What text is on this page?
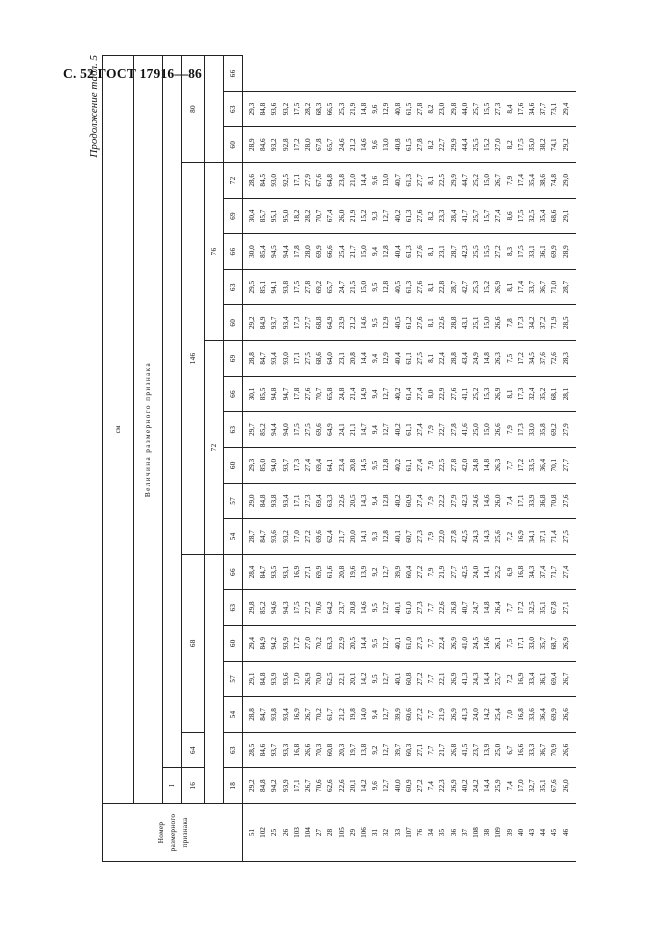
С. 52 ГОСТ 17916—86
Продолжение табл. 5
Номер размерного признака	см																				
	Величина размерного признака																				
	I																				
	16	64	68					146											80		
								72						76							
	18	63	54	57	60	63	66	54	57	60	63	66	69	60	63	66	69	72	60	63	66
51	29,2	28,5	28,8	29,1	29,4	29,8	28,4	28,7	29,0	29,3	29,7	30,1	28,8	29,2	29,5	30,0	30,4	28,6	28,9	29,3	
102	84,8	84,6	84,7	84,8	84,9	85,2	84,7	84,7	84,8	85,0	85,2	85,5	84,7	84,9	85,1	85,4	85,7	84,5	84,6	84,8	
25	94,2	93,7	93,8	93,9	94,2	94,6	93,5	93,6	93,8	94,0	94,4	94,8	93,4	93,7	94,1	94,5	95,1	93,0	93,2	93,6	
26	93,9	93,3	93,4	93,6	93,9	94,3	93,1	93,2	93,4	93,7	94,0	94,7	93,0	93,4	93,8	94,4	95,0	92,5	92,8	93,2	
103	17,1	16,8	16,9	17,0	17,2	17,5	16,9	17,0	17,1	17,3	17,5	17,8	17,1	17,3	17,5	17,8	18,2	17,1	17,2	17,5	
104	26,7	26,6	26,7	26,9	27,0	27,2	27,1	27,2	27,3	27,4	27,5	27,6	27,5	27,7	27,8	28,0	28,2	27,9	28,0	28,2	
27	70,6	70,3	70,2	70,0	70,2	70,6	69,9	69,6	69,4	69,4	69,6	70,7	68,6	68,8	69,2	69,9	70,7	67,6	67,8	68,3	
28	62,6	60,8	61,7	62,5	63,3	64,2	61,6	62,4	63,3	64,1	64,9	65,8	64,0	64,9	65,7	66,6	67,4	64,8	65,7	66,5	
105	22,6	20,3	21,2	22,1	22,9	23,7	20,8	21,7	22,6	23,4	24,1	24,8	23,1	23,9	24,7	25,4	26,0	23,8	24,6	25,3	
29	20,1	19,7	19,8	20,1	20,5	20,8	19,6	20,0	20,5	20,8	21,1	21,4	20,8	21,2	21,5	21,7	21,9	21,0	21,2	21,9	
106	14,2	13,8	14,0	14,2	14,4	14,6	13,9	14,1	14,3	14,5	14,7	14,9	14,4	14,6	15,0	15,0	15,2	14,4	14,6	14,8	
31	9,6	9,2	9,4	9,5	9,5	9,5	9,2	9,3	9,4	9,5	9,4	9,4	9,4	9,5	9,5	9,4	9,3	9,6	9,6	9,6	
32	12,7	12,7	12,7	12,7	12,7	12,7	12,7	12,8	12,8	12,8	12,7	12,7	12,9	12,9	12,8	12,8	12,7	13,0	13,0	12,9	
33	40,0	39,7	39,9	40,1	40,1	40,1	39,9	40,1	40,2	40,2	40,2	40,2	40,4	40,5	40,5	40,4	40,2	40,7	40,8	40,8	
107	60,9	60,3	60,6	60,8	61,0	61,0	60,4	60,7	60,9	61,1	61,1	61,4	61,1	61,2	61,3	61,3	61,3	61,3	61,5	61,5	
76	27,2	27,1	27,2	27,2	27,3	27,3	27,2	27,3	27,4	27,4	27,4	27,4	27,5	27,6	27,6	27,6	27,6	27,7	27,8	27,8	
34	7,4	7,7	7,7	7,7	7,7	7,7	7,9	7,9	7,9	7,9	7,9	8,0	8,1	8,1	8,1	8,1	8,2	8,1	8,2	8,2	
35	22,3	21,7	21,9	22,1	22,4	22,6	21,9	22,0	22,2	22,5	22,7	22,9	22,4	22,6	22,8	23,1	23,3	22,5	22,7	23,0	
36	26,9	26,8	26,9	26,9	26,9	26,8	27,7	27,8	27,9	27,8	27,8	27,6	28,8	28,8	28,7	28,7	28,4	29,9	29,9	29,8	
37	40,2	41,5	41,3	41,3	41,0	40,7	42,5	42,5	42,3	42,0	41,6	41,1	43,4	43,1	42,7	42,3	41,7	44,7	44,4	44,0	
108	24,2	23,7	24,0	24,3	24,5	24,7	24,0	24,3	24,6	24,8	25,0	25,2	24,9	25,1	25,3	25,5	25,7	25,2	25,5	25,7	
38	14,4	13,9	14,2	14,4	14,6	14,8	14,1	14,3	14,6	14,8	15,0	15,3	14,8	15,0	15,2	15,5	15,7	15,0	15,2	15,5	
109	25,9	25,0	25,4	25,7	26,1	26,4	25,2	25,6	26,0	26,3	26,6	26,9	26,3	26,6	26,9	27,2	27,4	26,7	27,0	27,3	
39	7,4	6,7	7,0	7,2	7,5	7,7	6,9	7,2	7,4	7,7	7,9	8,1	7,5	7,8	8,1	8,3	8,6	7,9	8,2	8,4	
40	17,0	16,6	16,8	16,9	17,1	17,2	16,8	16,9	17,1	17,2	17,3	17,3	17,2	17,3	17,4	17,5	17,5	17,4	17,5	17,6	
43	32,7	33,3	33,6	33,4	33,0	32,5	34,3	34,1	33,9	33,5	33,0	32,4	34,5	34,2	33,7	33,1	32,5	35,4	35,0	34,6	
44	35,1	36,7	36,4	36,1	35,7	35,1	37,4	37,1	36,8	36,4	35,8	35,2	37,6	37,2	36,7	36,1	35,4	38,6	38,2	37,7	
45	67,6	70,9	69,9	69,4	68,7	67,8	71,7	71,4	70,8	70,1	69,2	68,1	72,6	71,9	71,0	69,9	68,6	74,8	74,1	73,1	
46	26,0	26,6	26,6	26,7	26,9	27,1	27,4	27,5	27,6	27,7	27,9	28,1	28,3	28,5	28,7	28,9	29,1	29,0	29,2	29,4	
